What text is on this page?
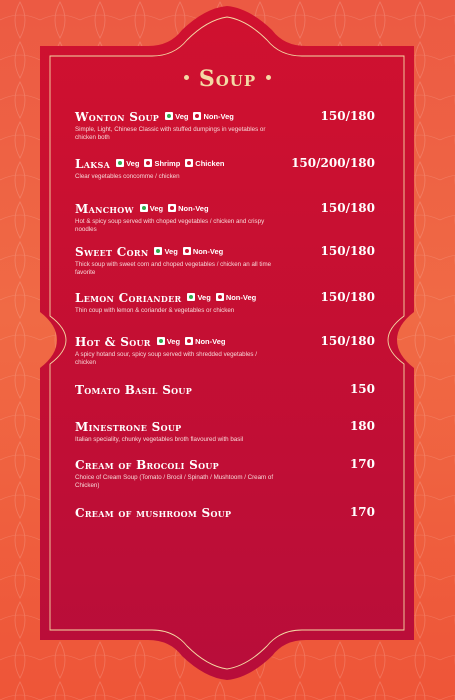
Soup
Wonton Soup Veg Non-Veg	150/180
Simple, Light, Chinese Classic with stuffed dumpings in vegetables or chicken both
Laksa Veg Shrimp Chicken	150/200/180
Clear vegetables concomme / chicken
Manchow Veg Non-Veg	150/180
Hot & spicy soup served with choped vegetables / chicken and crispy noodles
Sweet Corn Veg Non-Veg	150/180
Thick soup with sweet corn and choped vegetables / chicken an all time favorite
Lemon Coriander Veg Non-Veg	150/180
Thin coup with lemon & coriander & vegetables or chicken
Hot & Sour Veg Non-Veg	150/180
A spicy hotand sour, spicy soup served with shredded vegetables / chicken
Tomato Basil Soup	150
Minestrone Soup	180
Italian speciality, chunky vegetables broth flavoured with basil
Cream of Brocoli Soup	170
Choice of Cream Soup (Tomato / Brocil / Spinath / Mushtoom / Cream of Chicken)
Cream of mushroom Soup	170
